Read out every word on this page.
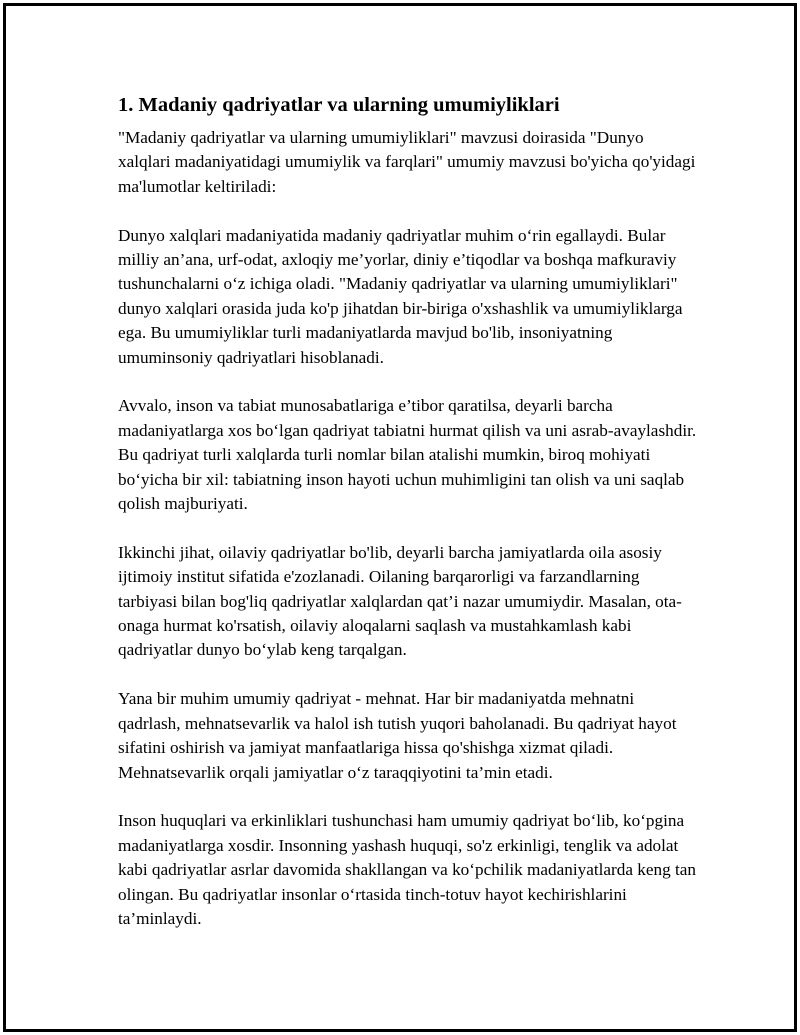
1. Madaniy qadriyatlar va ularning umumiyliklari

"Madaniy qadriyatlar va ularning umumiyliklari" mavzusi doirasida "Dunyo xalqlari madaniyatidagi umumiylik va farqlari" umumiy mavzusi bo'yicha qo'yidagi ma'lumotlar keltiriladi:

Dunyo xalqlari madaniyatida madaniy qadriyatlar muhim o‘rin egallaydi. Bular milliy an’ana, urf-odat, axloqiy me’yorlar, diniy e’tiqodlar va boshqa mafkuraviy tushunchalarni o‘z ichiga oladi. "Madaniy qadriyatlar va ularning umumiyliklari" dunyo xalqlari orasida juda ko'p jihatdan bir-biriga o'xshashlik va umumiyliklarga ega. Bu umumiyliklar turli madaniyatlarda mavjud bo'lib, insoniyatning umuminsoniy qadriyatlari hisoblanadi.

Avvalo, inson va tabiat munosabatlariga e’tibor qaratilsa, deyarli barcha madaniyatlarga xos bo‘lgan qadriyat tabiatni hurmat qilish va uni asrab-avaylashdir. Bu qadriyat turli xalqlarda turli nomlar bilan atalishi mumkin, biroq mohiyati bo‘yicha bir xil: tabiatning inson hayoti uchun muhimligini tan olish va uni saqlab qolish majburiyati.

Ikkinchi jihat, oilaviy qadriyatlar bo'lib, deyarli barcha jamiyatlarda oila asosiy ijtimoiy institut sifatida e'zozlanadi. Oilaning barqarorligi va farzandlarning tarbiyasi bilan bog'liq qadriyatlar xalqlardan qat’i nazar umumiydir. Masalan, ota-onaga hurmat ko'rsatish, oilaviy aloqalarni saqlash va mustahkamlash kabi qadriyatlar dunyo bo‘ylab keng tarqalgan.

Yana bir muhim umumiy qadriyat - mehnat. Har bir madaniyatda mehnatni qadrlash, mehnatsevarlik va halol ish tutish yuqori baholanadi. Bu qadriyat hayot sifatini oshirish va jamiyat manfaatlariga hissa qo'shishga xizmat qiladi. Mehnatsevarlik orqali jamiyatlar o‘z taraqqiyotini ta’min etadi.

Inson huquqlari va erkinliklari tushunchasi ham umumiy qadriyat bo‘lib, ko‘pgina madaniyatlarga xosdir. Insonning yashash huquqi, so'z erkinligi, tenglik va adolat kabi qadriyatlar asrlar davomida shakllangan va ko‘pchilik madaniyatlarda keng tan olingan. Bu qadriyatlar insonlar o‘rtasida tinch-totuv hayot kechirishlarini ta’minlaydi.
